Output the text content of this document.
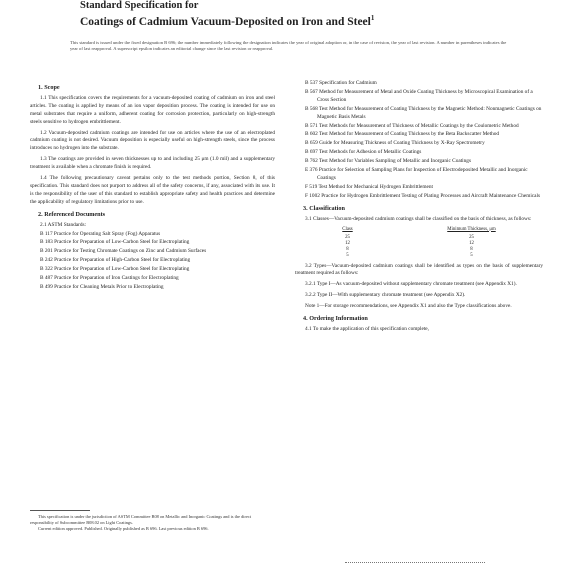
Standard Specification for
Coatings of Cadmium Vacuum-Deposited on Iron and Steel$^1$
This standard is issued under the fixed designation B 696; the number immediately following the designation indicates the year of original adoption or, in the case of revision, the year of last revision. A number in parentheses indicates the year of last reapproval. A superscript epsilon indicates an editorial change since the last revision or reapproval.
1. Scope
1.1 This specification covers the requirements for a vacuum-deposited coating of cadmium on iron and steel articles. The coating is applied by means of an ion vapor deposition process. The coating is intended for use on metal substrates that require a uniform, adherent coating for corrosion protection, particularly on high-strength steels sensitive to hydrogen embrittlement.
1.2 Vacuum-deposited cadmium coatings are intended for use on articles where the use of an electroplated cadmium coating is not desired. Vacuum deposition is especially useful on high-strength steels, since the process introduces no hydrogen into the substrate.
1.3 The coatings are provided in seven thicknesses up to and including 25 μm (1.0 mil) and a supplementary treatment is available when a chromate finish is required.
1.4 The following precautionary caveat pertains only to the test methods portion, Section 8, of this specification. This standard does not purport to address all of the safety concerns, if any, associated with its use. It is the responsibility of the user of this standard to establish appropriate safety and health practices and determine the applicability of regulatory limitations prior to use.
2. Referenced Documents
2.1 ASTM Standards:
B 117 Practice for Operating Salt Spray (Fog) Apparatus
B 183 Practice for Preparation of Low-Carbon Steel for Electroplating
B 201 Practice for Testing Chromate Coatings on Zinc and Cadmium Surfaces
B 242 Practice for Preparation of High-Carbon Steel for Electroplating
B 322 Practice for Preparation of Low-Carbon Steel for Electroplating
B 487 Practice for Preparation of Iron Castings for Electroplating
B 499 Practice for Cleaning Metals Prior to Electroplating
This specification is under the jurisdiction of ASTM Committee B08 on Metallic and Inorganic Coatings and is the direct responsibility of Subcommittee B08.02 on Light Coatings.
Current edition approved. Published. Originally published as B 696. Last previous edition B 696.
B 537 Specification for Cadmium
B 567 Method for Measurement of Metal and Oxide Coating Thickness by Microscopical Examination of a Cross Section
B 568 Test Method for Measurement of Coating Thickness by the Magnetic Method: Nonmagnetic Coatings on Magnetic Basis Metals
B 571 Test Methods for Measurement of Thickness of Metallic Coatings by the Coulometric Method
B 602 Test Method for Measurement of Coating Thickness by the Beta Backscatter Method
B 659 Guide for Measuring Thickness of Coating Thickness by X-Ray Spectrometry
B 697 Test Methods for Adhesion of Metallic Coatings
B 762 Test Method for Variables Sampling of Metallic and Inorganic Coatings
E 376 Practice for Selection of Sampling Plans for Inspection of Electrodeposited Metallic and Inorganic Coatings
F 519 Test Method for Mechanical Hydrogen Embrittlement
F 1002 Practice for Hydrogen Embrittlement Testing of Plating Processes and Aircraft Maintenance Chemicals
3. Classification
3.1 Classes—Vacuum-deposited cadmium coatings shall be classified on the basis of thickness, as follows:
Class
25
12
8
5
Minimum Thickness, μm
25
12
8
5
3.2 Types—Vacuum-deposited cadmium coatings shall be identified as types on the basis of supplementary treatment required as follows:
3.2.1 Type I—As vacuum-deposited without supplementary chromate treatment (see Appendix X1).
3.2.2 Type II—With supplementary chromate treatment (see Appendix X2).
Note 1—For storage recommendations, see Appendix X1 and also the Type classifications above.
4. Ordering Information
4.1 To make the application of this specification complete,
